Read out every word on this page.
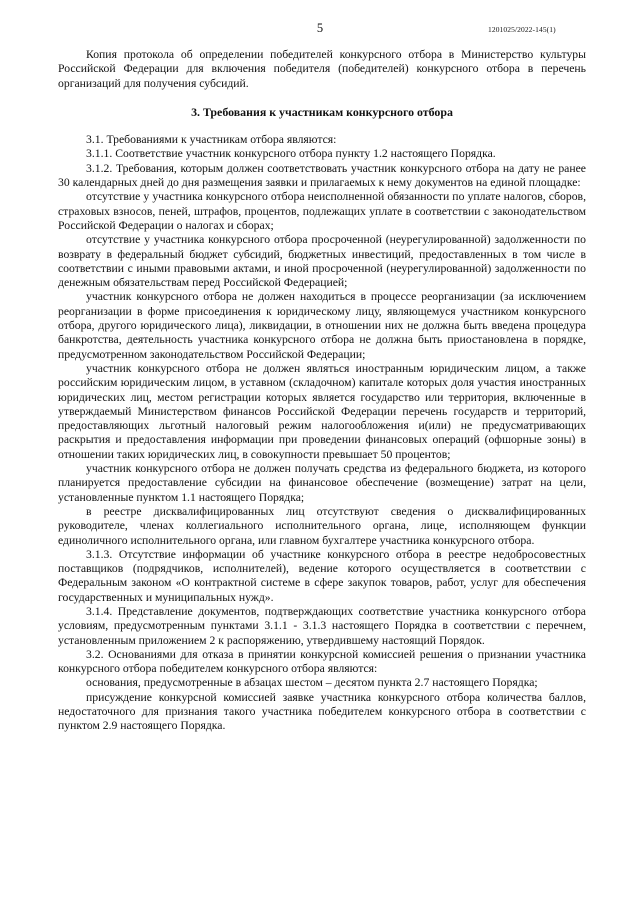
5	1201025/2022-145(1)

Копия протокола об определении победителей конкурсного отбора в Министерство культуры Российской Федерации для включения победителя (победителей) конкурсного отбора в перечень организаций для получения субсидий.

3. Требования к участникам конкурсного отбора

3.1. Требованиями к участникам отбора являются:

3.1.1. Соответствие участник конкурсного отбора пункту 1.2 настоящего Порядка.

3.1.2. Требования, которым должен соответствовать участник конкурсного отбора на дату не ранее 30 календарных дней до дня размещения заявки и прилагаемых к нему документов на единой площадке:

отсутствие у участника конкурсного отбора неисполненной обязанности по уплате налогов, сборов, страховых взносов, пеней, штрафов, процентов, подлежащих уплате в соответствии с законодательством Российской Федерации о налогах и сборах;

отсутствие у участника конкурсного отбора просроченной (неурегулированной) задолженности по возврату в федеральный бюджет субсидий, бюджетных инвестиций, предоставленных в том числе в соответствии с иными правовыми актами, и иной просроченной (неурегулированной) задолженности по денежным обязательствам перед Российской Федерацией;

участник конкурсного отбора не должен находиться в процессе реорганизации (за исключением реорганизации в форме присоединения к юридическому лицу, являющемуся участником конкурсного отбора, другого юридического лица), ликвидации, в отношении них не должна быть введена процедура банкротства, деятельность участника конкурсного отбора не должна быть приостановлена в порядке, предусмотренном законодательством Российской Федерации;

участник конкурсного отбора не должен являться иностранным юридическим лицом, а также российским юридическим лицом, в уставном (складочном) капитале которых доля участия иностранных юридических лиц, местом регистрации которых является государство или территория, включенные в утверждаемый Министерством финансов Российской Федерации перечень государств и территорий, предоставляющих льготный налоговый режим налогообложения и(или) не предусматривающих раскрытия и предоставления информации при проведении финансовых операций (офшорные зоны) в отношении таких юридических лиц, в совокупности превышает 50 процентов;

участник конкурсного отбора не должен получать средства из федерального бюджета, из которого планируется предоставление субсидии на финансовое обеспечение (возмещение) затрат на цели, установленные пунктом 1.1 настоящего Порядка;

в реестре дисквалифицированных лиц отсутствуют сведения о дисквалифицированных руководителе, членах коллегиального исполнительного органа, лице, исполняющем функции единоличного исполнительного органа, или главном бухгалтере участника конкурсного отбора.

3.1.3. Отсутствие информации об участнике конкурсного отбора в реестре недобросовестных поставщиков (подрядчиков, исполнителей), ведение которого осуществляется в соответствии с Федеральным законом «О контрактной системе в сфере закупок товаров, работ, услуг для обеспечения государственных и муниципальных нужд».

3.1.4. Представление документов, подтверждающих соответствие участника конкурсного отбора условиям, предусмотренным пунктами 3.1.1 - 3.1.3 настоящего Порядка в соответствии с перечнем, установленным приложением 2 к распоряжению, утвердившему настоящий Порядок.

3.2. Основаниями для отказа в принятии конкурсной комиссией решения о признании участника конкурсного отбора победителем конкурсного отбора являются:

основания, предусмотренные в абзацах шестом – десятом пункта 2.7 настоящего Порядка;

присуждение конкурсной комиссией заявке участника конкурсного отбора количества баллов, недостаточного для признания такого участника победителем конкурсного отбора в соответствии с пунктом 2.9 настоящего Порядка.
